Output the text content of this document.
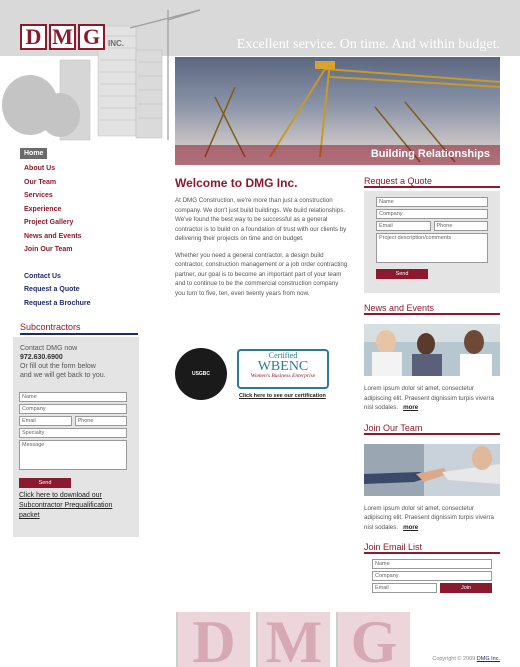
D M G INC.	Excellent service. On time. And within budget.
Building Relationships
Home
About Us
Our Team
Services
Experience
Project Gallery
News and Events
Join Our Team
Contact Us
Request a Quote
Request a Brochure
Subcontractors

Contact DMG now

972.630.6900

Or fill out the form below

and we will get back to you.

Name
Company
Email	Phone
Specialty
Message
Send
Click here to download our Subcontractor Prequalification packet
Welcome to DMG Inc.

At DMG Construction, we're more than just a construction company. We don't just build buildings. We build relationships. We've found the best way to be successful as a general contractor is to build on a foundation of trust with our clients by delivering their projects on time and on budget.

Whether you need a general contractor, a design build contractor, construction management or a job order contracting partner, our goal is to become an important part of your team and to continue to be the commercial construction company you turn to five, ten, even twenty years from now.

USGBC
Certified
WBENC
Women's Business Enterprise
Click here to see our certification
Request a Quote
Name
Company
Email	Phone
Project description/comments
Send
News and Events

Lorem ipsum dolor sit amet, consectetur adipiscing elit. Praesent dignissim turpis viverra nisl sodales. more

Join Our Team

Lorem ipsum dolor sit amet, consectetur adipiscing elit. Praesent dignissim turpis viverra nisl sodales. more

Join Email List
Name
Company
Email	Join
D M G	Copyright © 2009 DMG Inc.
